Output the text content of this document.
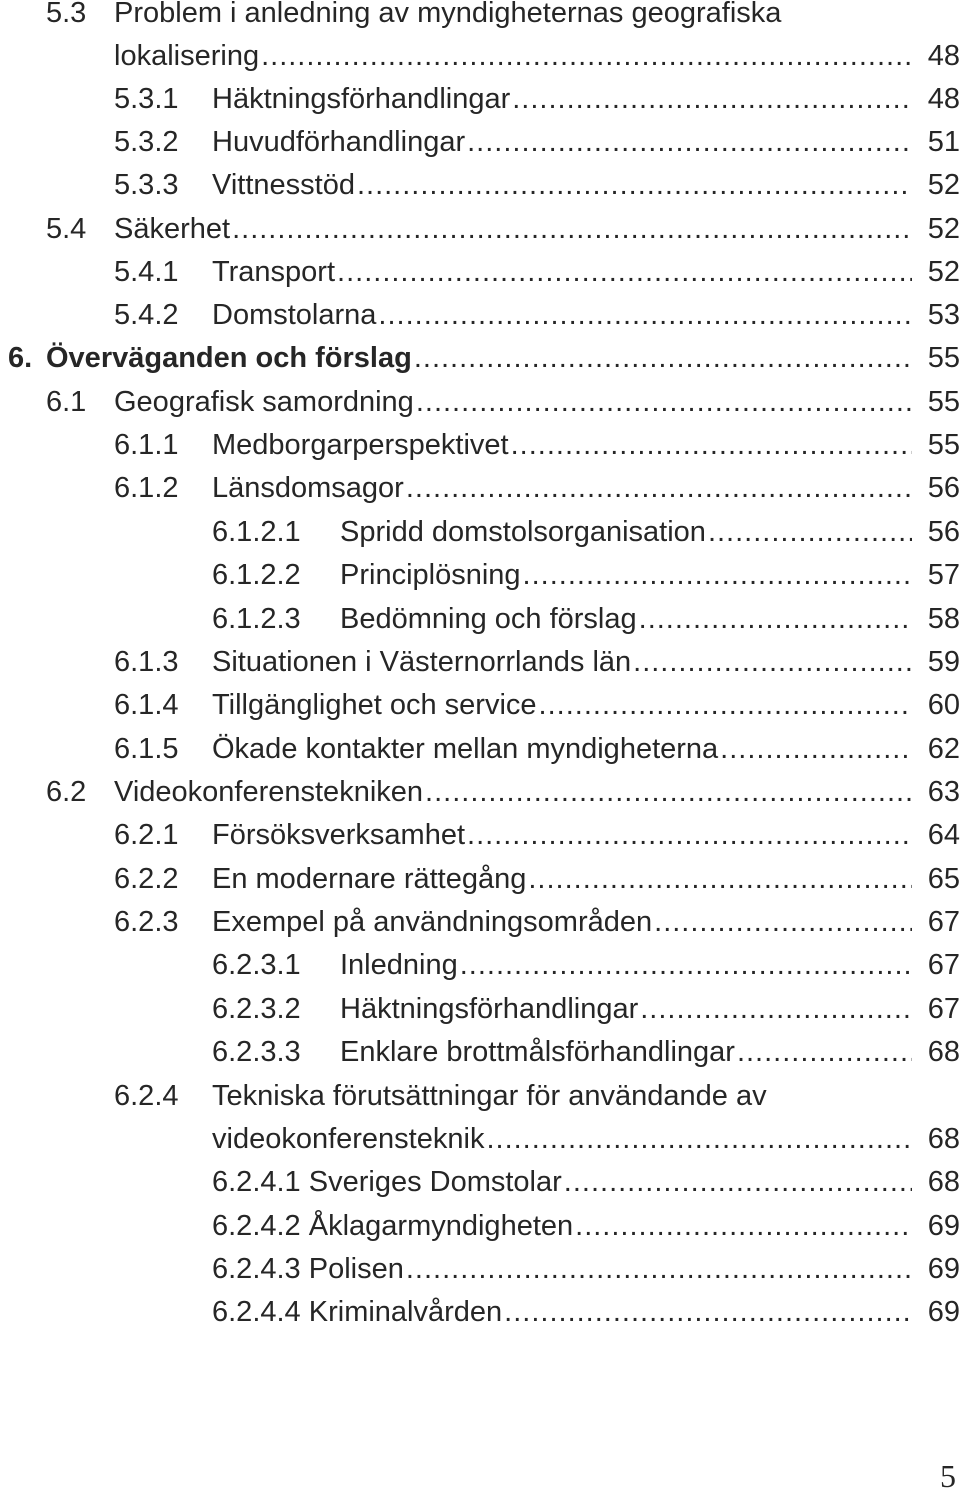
5.3 Problem i anledning av myndigheternas geografiska
lokalisering .....	48
5.3.1 Häktningsförhandlingar .....	48
5.3.2 Huvudförhandlingar .....	51
5.3.3 Vittnesstöd .....	52
5.4 Säkerhet .....	52
5.4.1 Transport .....	52
5.4.2 Domstolarna .....	53
6. Överväganden och förslag .....	55
6.1 Geografisk samordning .....	55
6.1.1 Medborgarperspektivet .....	55
6.1.2 Länsdomsagor .....	56
6.1.2.1 Spridd domstolsorganisation .....	56
6.1.2.2 Principlösning .....	57
6.1.2.3 Bedömning och förslag .....	58
6.1.3 Situationen i Västernorrlands län .....	59
6.1.4 Tillgänglighet och service .....	60
6.1.5 Ökade kontakter mellan myndigheterna .....	62
6.2 Videokonferenstekniken .....	63
6.2.1 Försöksverksamhet .....	64
6.2.2 En modernare rättegång .....	65
6.2.3 Exempel på användningsområden .....	67
6.2.3.1 Inledning .....	67
6.2.3.2 Häktningsförhandlingar .....	67
6.2.3.3 Enklare brottmålsförhandlingar .....	68
6.2.4 Tekniska förutsättningar för användande av
videokonferensteknik .....	68
6.2.4.1 Sveriges Domstolar .....	68
6.2.4.2 Åklagarmyndigheten .....	69
6.2.4.3 Polisen .....	69
6.2.4.4 Kriminalvården .....	69
5
